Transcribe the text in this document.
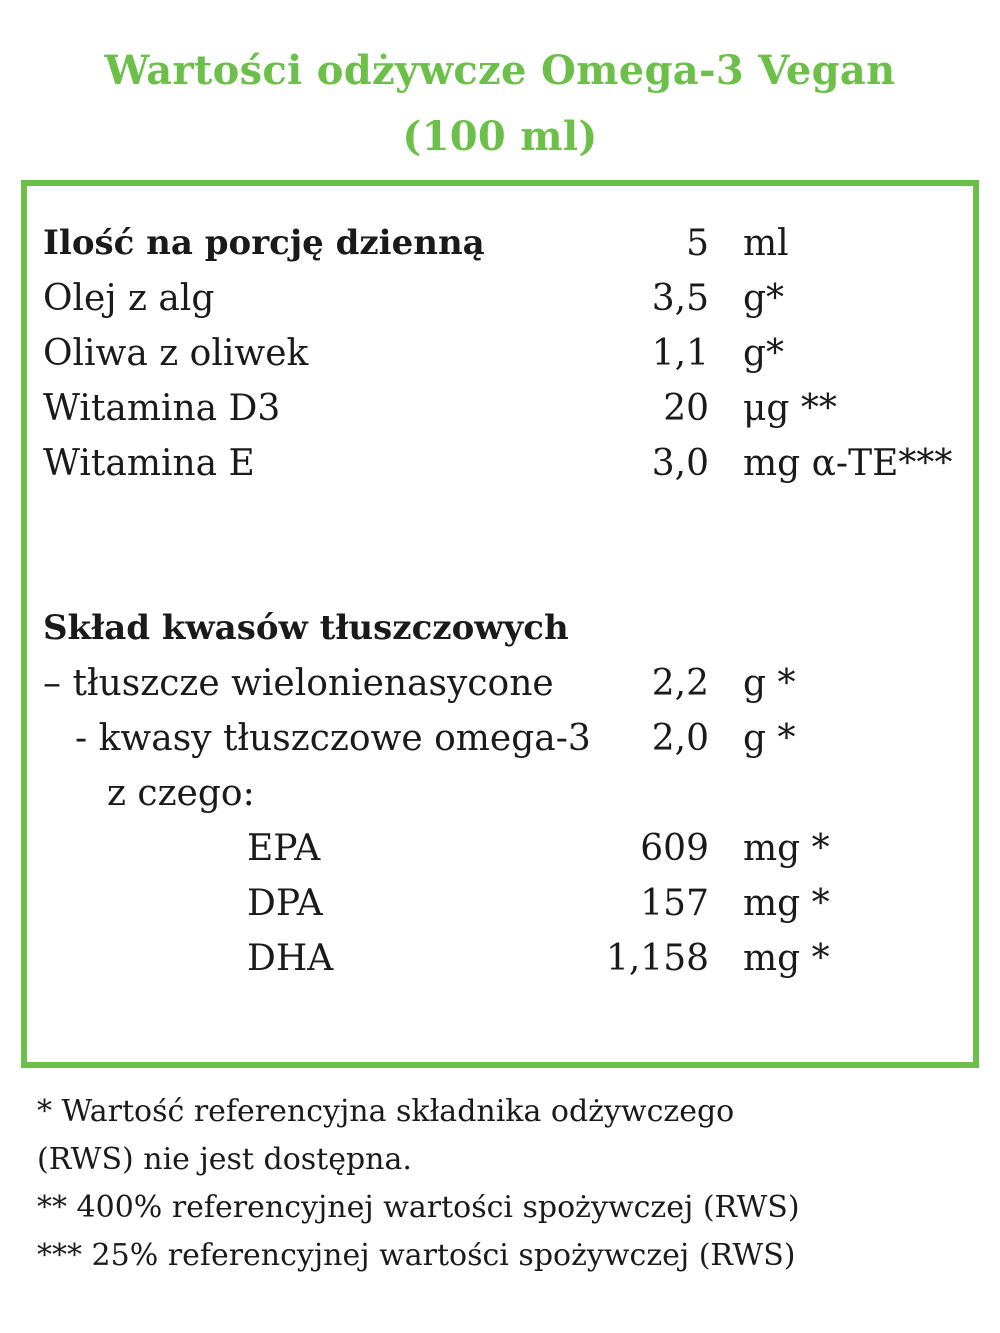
Wartości odżywcze Omega-3 Vegan
(100 ml)
Ilość na porcję dzienną	5 ml
Olej z alg	3,5 g*
Oliwa z oliwek	1,1 g*
Witamina D3	20 μg **
Witamina E	3,0 mg α-TE***
Skład kwasów tłuszczowych
– tłuszcze wielonienasycone	2,2 g *
- kwasy tłuszczowe omega-3	2,0 g *
z czego:
EPA	609 mg *
DPA	157 mg *
DHA	1,158 mg *
* Wartość referencyjna składnika odżywczego
(RWS) nie jest dostępna.
** 400% referencyjnej wartości spożywczej (RWS)
*** 25% referencyjnej wartości spożywczej (RWS)
